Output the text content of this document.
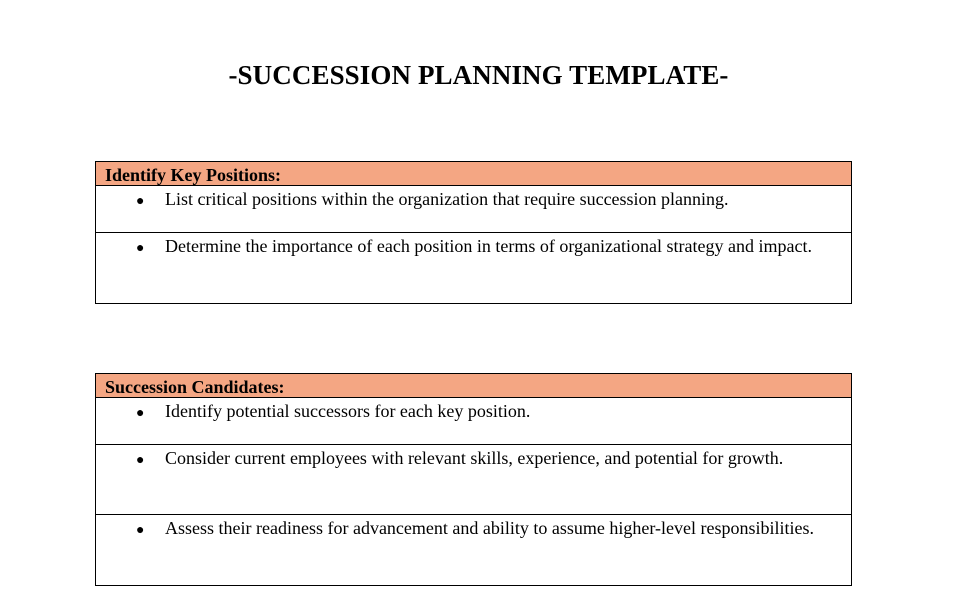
-SUCCESSION PLANNING TEMPLATE-
Identify Key Positions:
● List critical positions within the organization that require succession planning.
● Determine the importance of each position in terms of organizational strategy and impact.
Succession Candidates:
● Identify potential successors for each key position.
● Consider current employees with relevant skills, experience, and potential for growth.
● Assess their readiness for advancement and ability to assume higher-level responsibilities.
